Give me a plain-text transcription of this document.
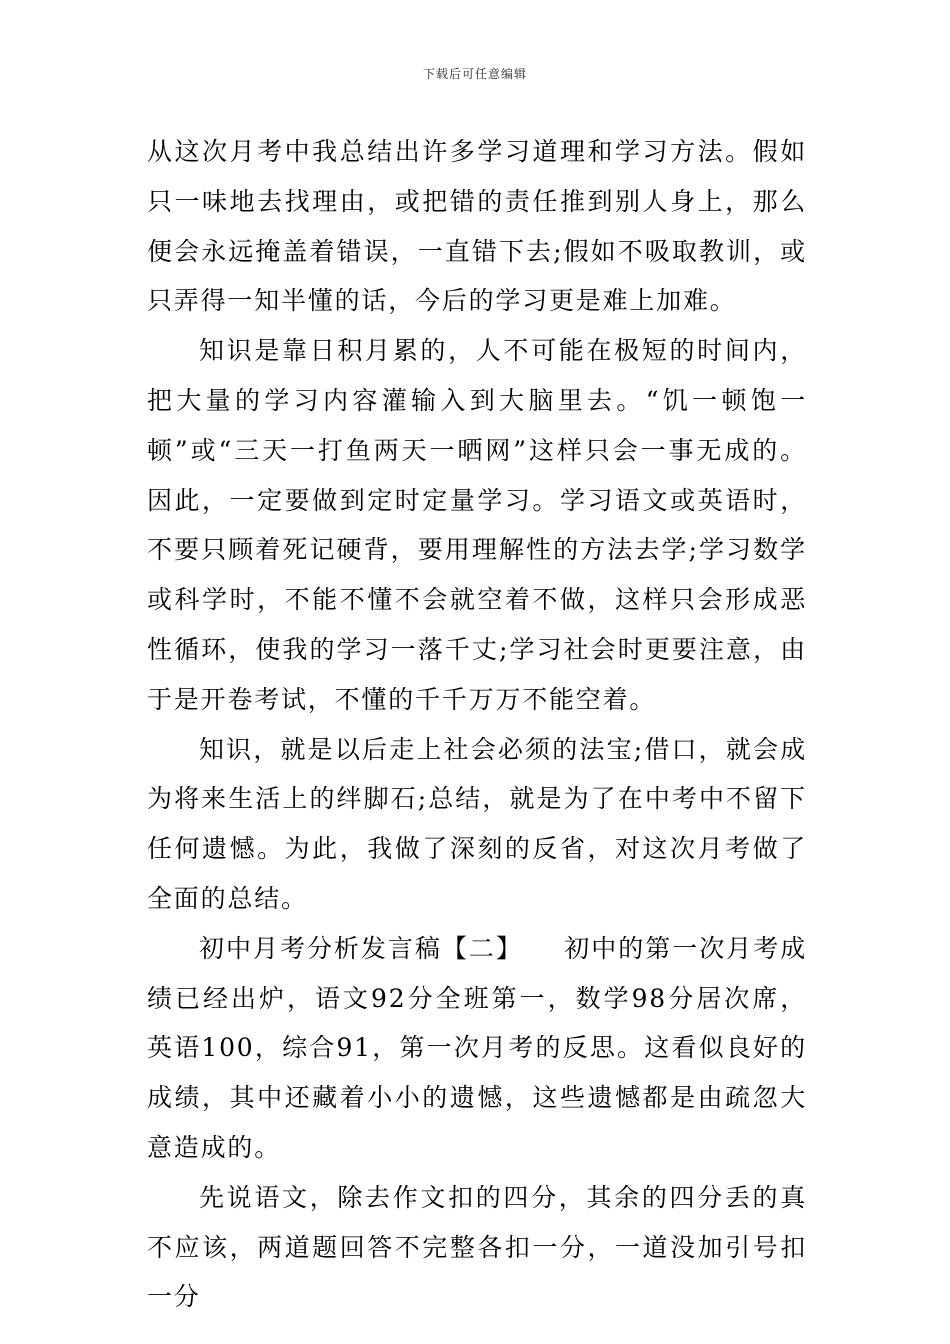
下载后可任意编辑

从这次月考中我总结出许多学习道理和学习方法。假如只一味地去找理由，或把错的责任推到别人身上，那么便会永远掩盖着错误，一直错下去;假如不吸取教训，或只弄得一知半懂的话，今后的学习更是难上加难。

知识是靠日积月累的，人不可能在极短的时间内，把大量的学习内容灌输入到大脑里去。“饥一顿饱一顿”或“三天一打鱼两天一晒网”这样只会一事无成的。因此，一定要做到定时定量学习。学习语文或英语时，不要只顾着死记硬背，要用理解性的方法去学;学习数学或科学时，不能不懂不会就空着不做，这样只会形成恶性循环，使我的学习一落千丈;学习社会时更要注意，由于是开卷考试，不懂的千千万万不能空着。

知识，就是以后走上社会必须的法宝;借口，就会成为将来生活上的绊脚石;总结，就是为了在中考中不留下任何遗憾。为此，我做了深刻的反省，对这次月考做了全面的总结。

初中月考分析发言稿【二】　　初中的第一次月考成绩已经出炉，语文92分全班第一，数学98分居次席，英语100，综合91，第一次月考的反思。这看似良好的成绩，其中还藏着小小的遗憾，这些遗憾都是由疏忽大意造成的。

先说语文，除去作文扣的四分，其余的四分丢的真不应该，两道题回答不完整各扣一分，一道没加引号扣一分
